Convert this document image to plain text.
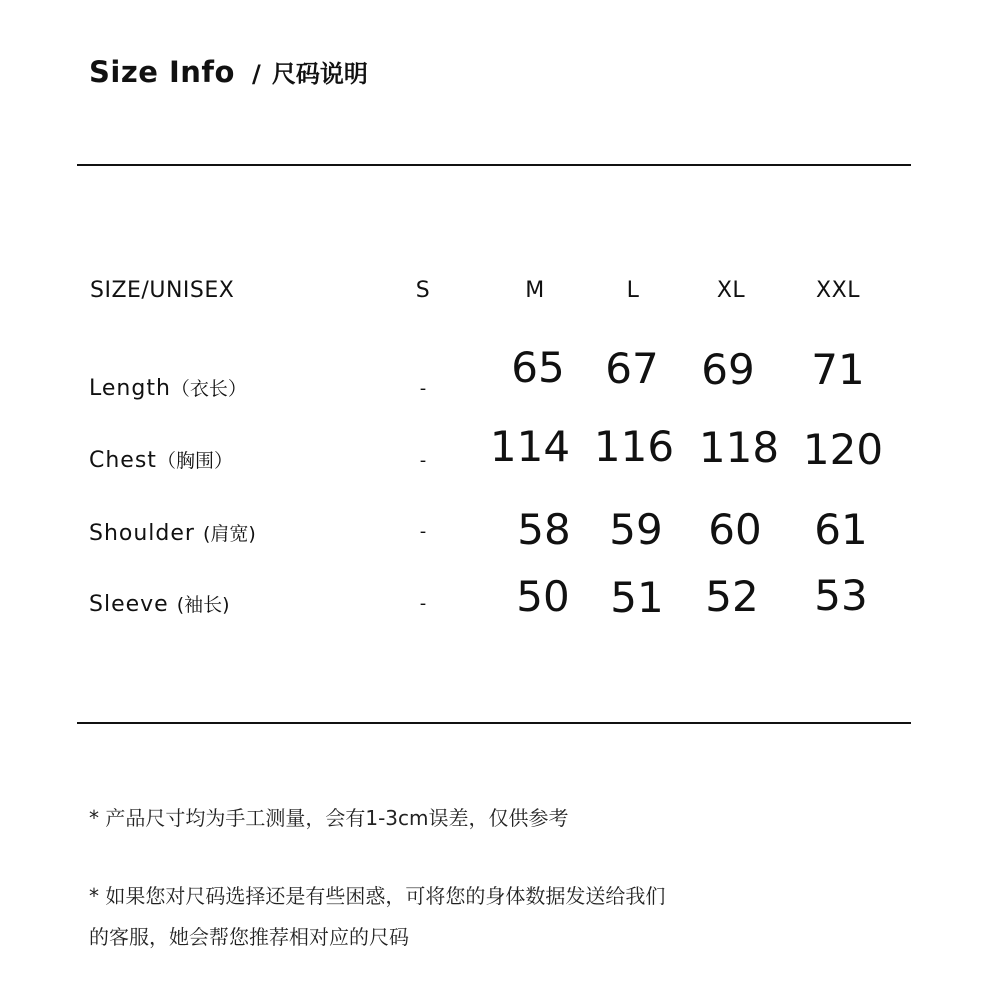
Size Info / 尺码说明
SIZE/UNISEX	S	M	L	XL	XXL
Length（衣长）	- 65 67 69 71
Chest（胸围）	- 114 116 118 120
Shoulder (肩宽)	- 58 59 60 61
Sleeve (袖长)	- 50 51 52 53
* 产品尺寸均为手工测量，会有1-3cm误差，仅供参考
* 如果您对尺码选择还是有些困惑，可将您的身体数据发送给我们
的客服，她会帮您推荐相对应的尺码
